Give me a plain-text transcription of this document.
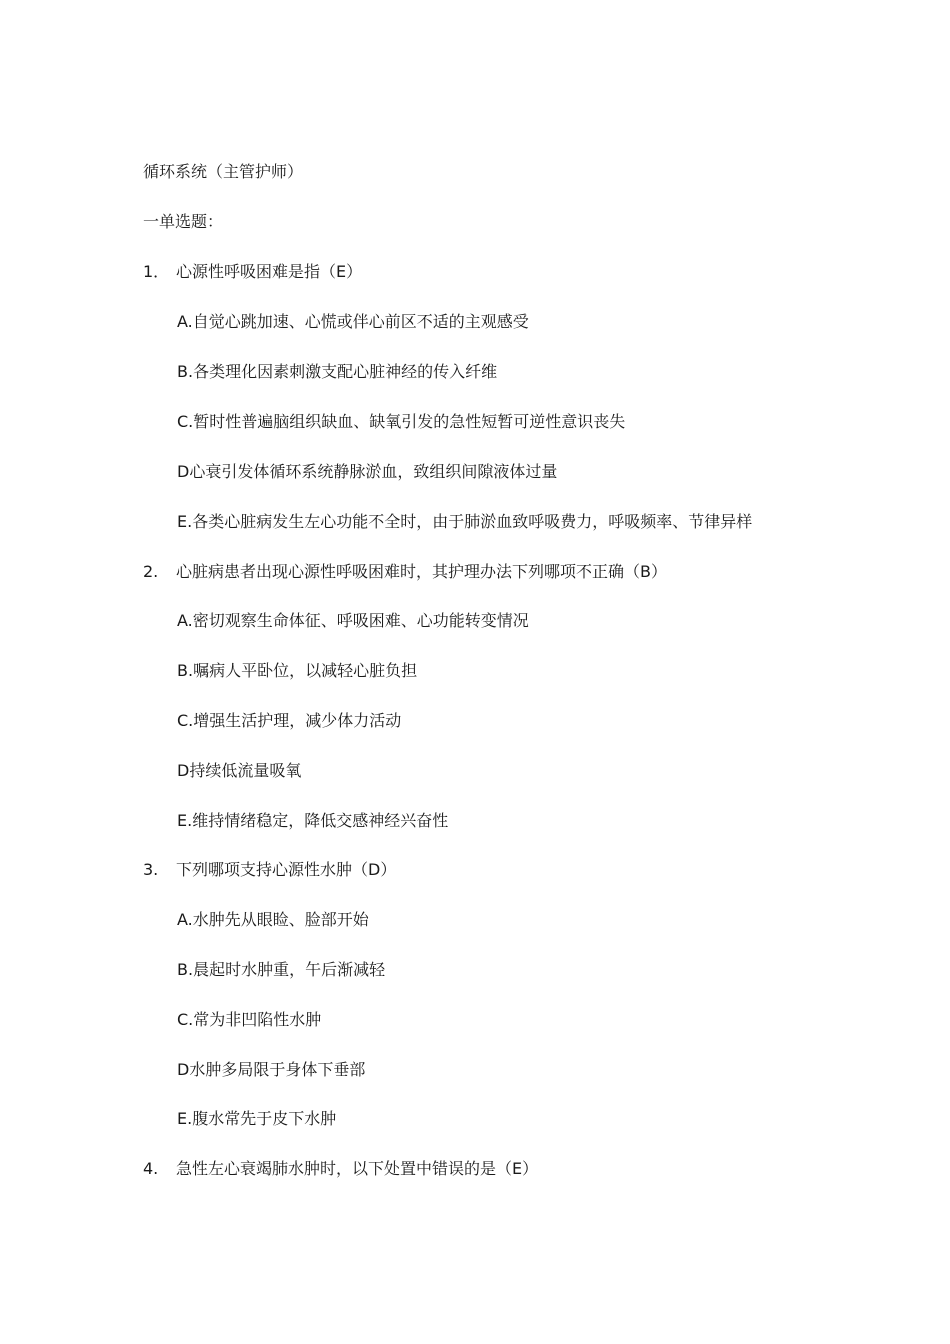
循环系统（主管护师）
一单选题：
1． 心源性呼吸困难是指（E）
A.自觉心跳加速、心慌或伴心前区不适的主观感受
B.各类理化因素刺激支配心脏神经的传入纤维
C.暂时性普遍脑组织缺血、缺氧引发的急性短暂可逆性意识丧失
D心衰引发体循环系统静脉淤血，致组织间隙液体过量
E.各类心脏病发生左心功能不全时，由于肺淤血致呼吸费力，呼吸频率、节律异样
2. 心脏病患者出现心源性呼吸困难时，其护理办法下列哪项不正确（B）
A.密切观察生命体征、呼吸困难、心功能转变情况
B.嘱病人平卧位，以减轻心脏负担
C.增强生活护理，减少体力活动
D持续低流量吸氧
E.维持情绪稳定，降低交感神经兴奋性
3. 下列哪项支持心源性水肿（D）
A.水肿先从眼睑、脸部开始
B.晨起时水肿重，午后渐减轻
C.常为非凹陷性水肿
D水肿多局限于身体下垂部
E.腹水常先于皮下水肿
4. 急性左心衰竭肺水肿时，以下处置中错误的是（E）
